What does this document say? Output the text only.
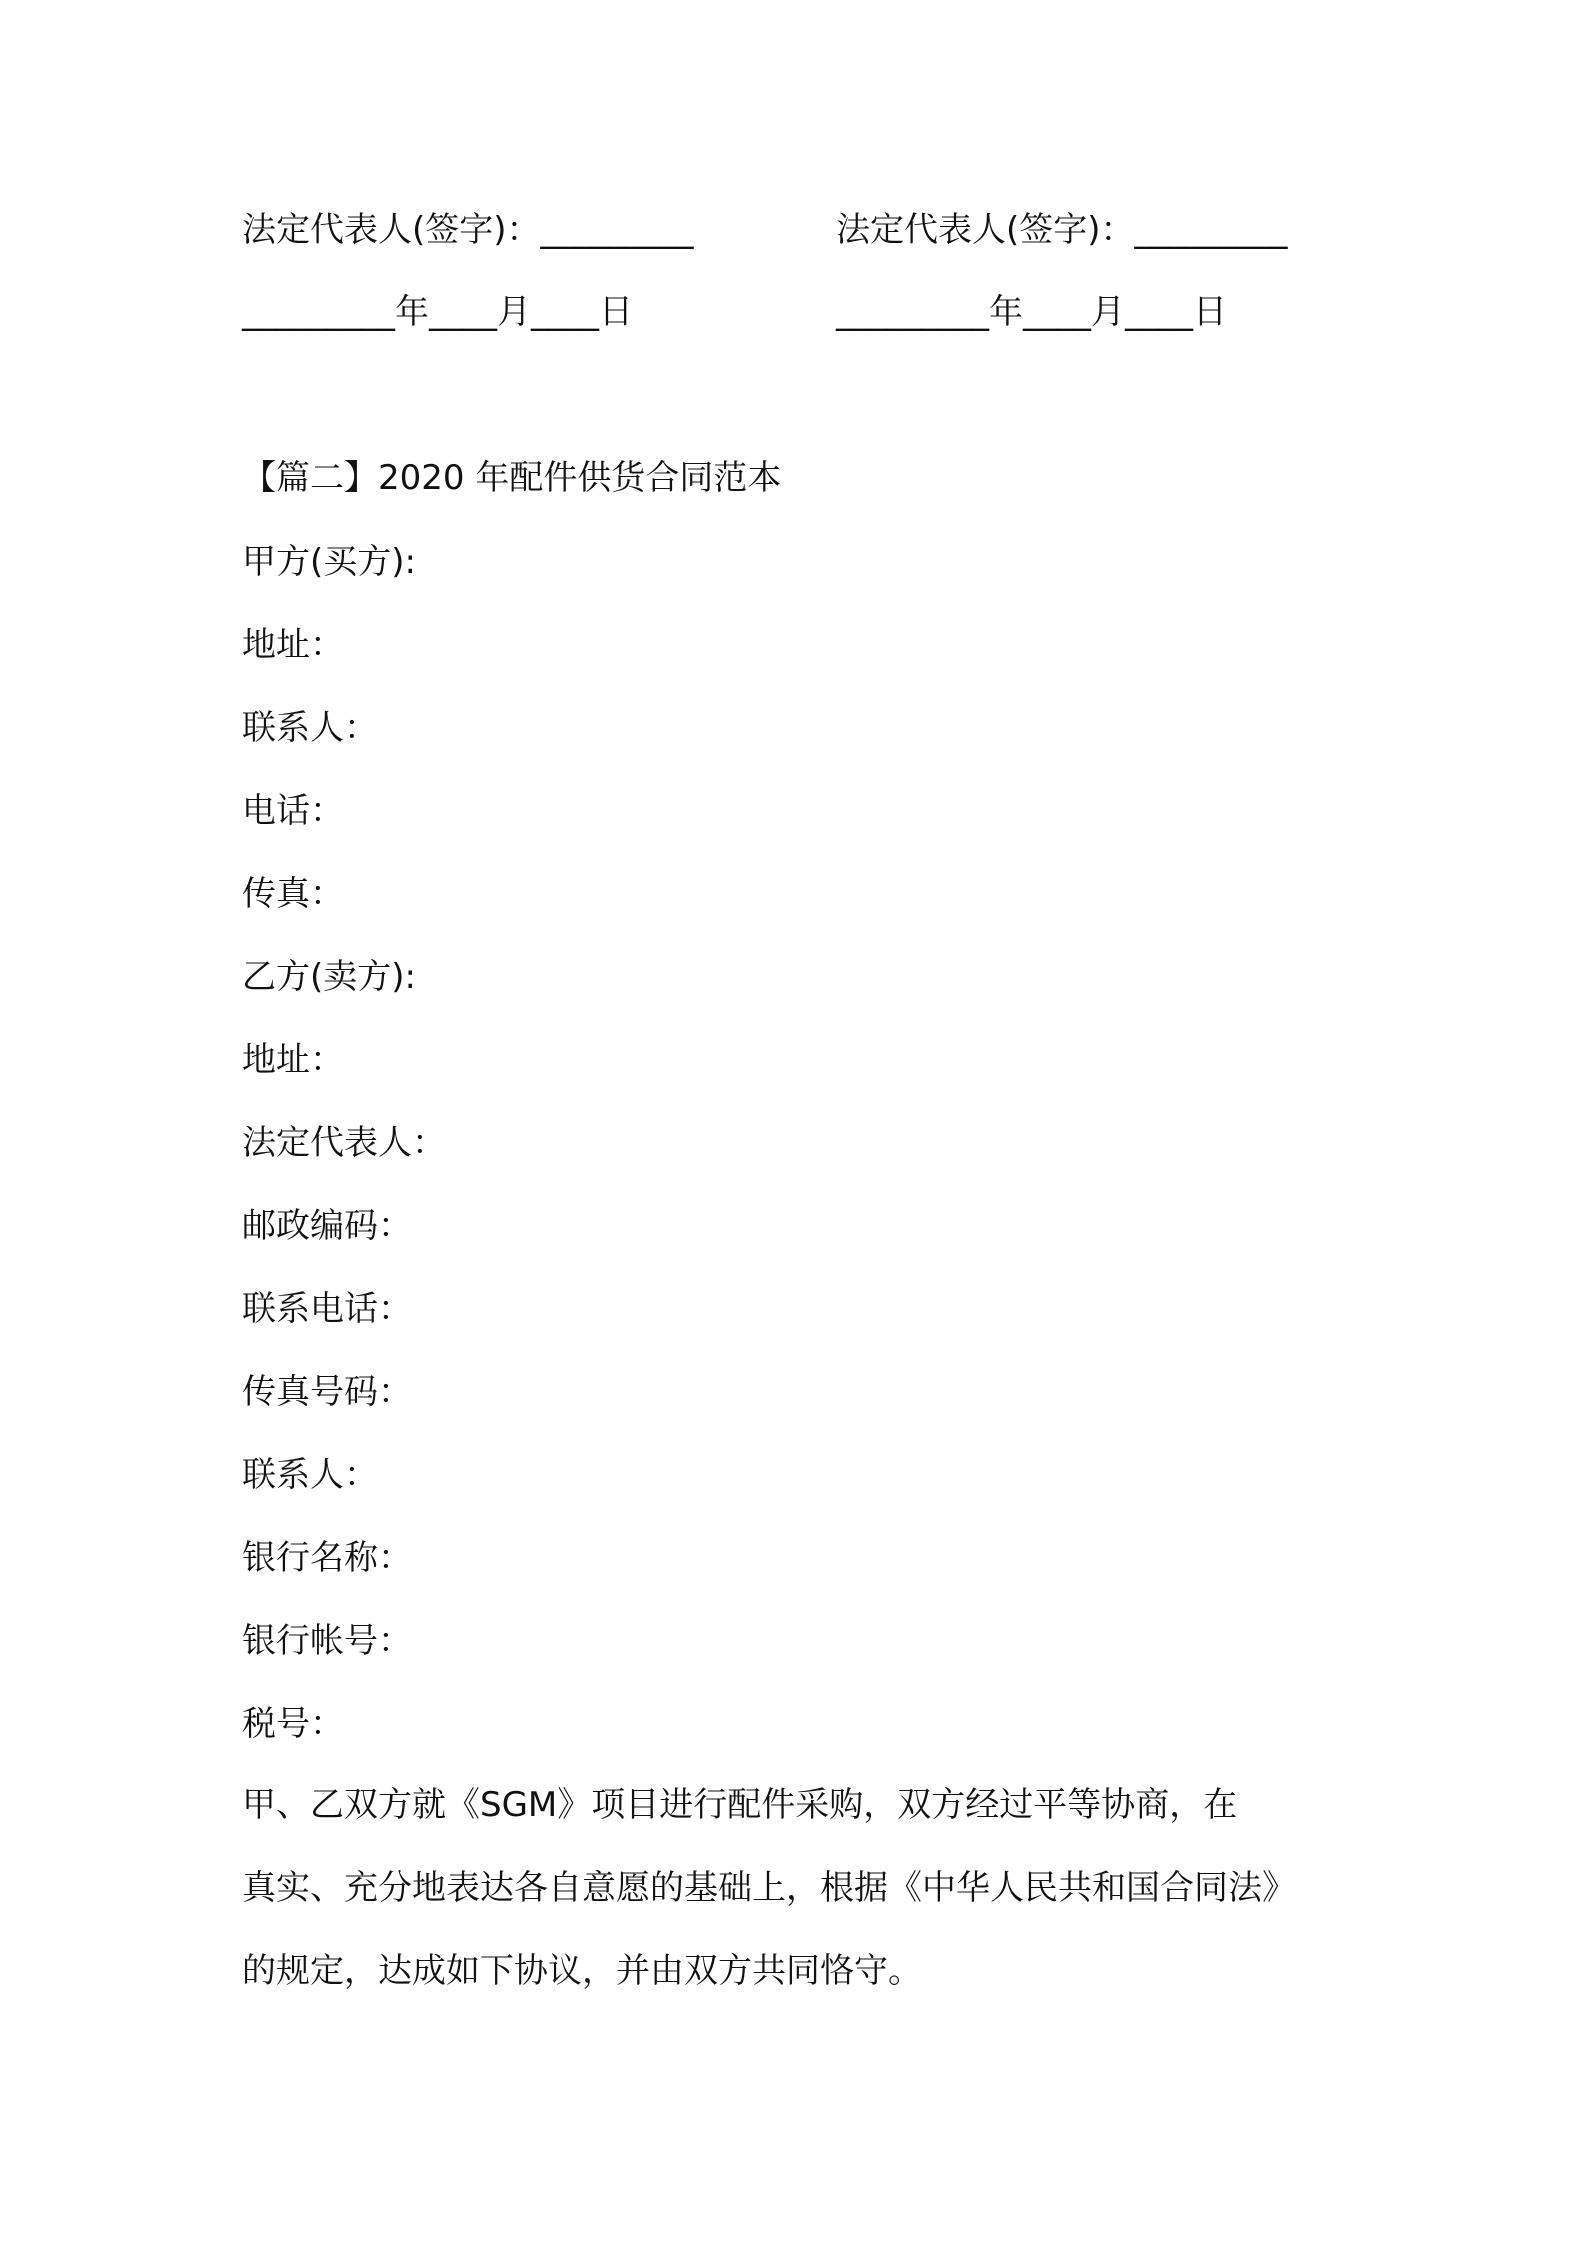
法定代表人(签字)：_________	法定代表人(签字)：_________
_________年____月____日	_________年____月____日
【篇二】2020 年配件供货合同范本
甲方(买方):
地址：
联系人：
电话：
传真：
乙方(卖方):
地址：
法定代表人：
邮政编码：
联系电话：
传真号码：
联系人：
银行名称：
银行帐号：
税号：
甲、乙双方就《SGM》项目进行配件采购，双方经过平等协商，在
真实、充分地表达各自意愿的基础上，根据《中华人民共和国合同法》
的规定，达成如下协议，并由双方共同恪守。
